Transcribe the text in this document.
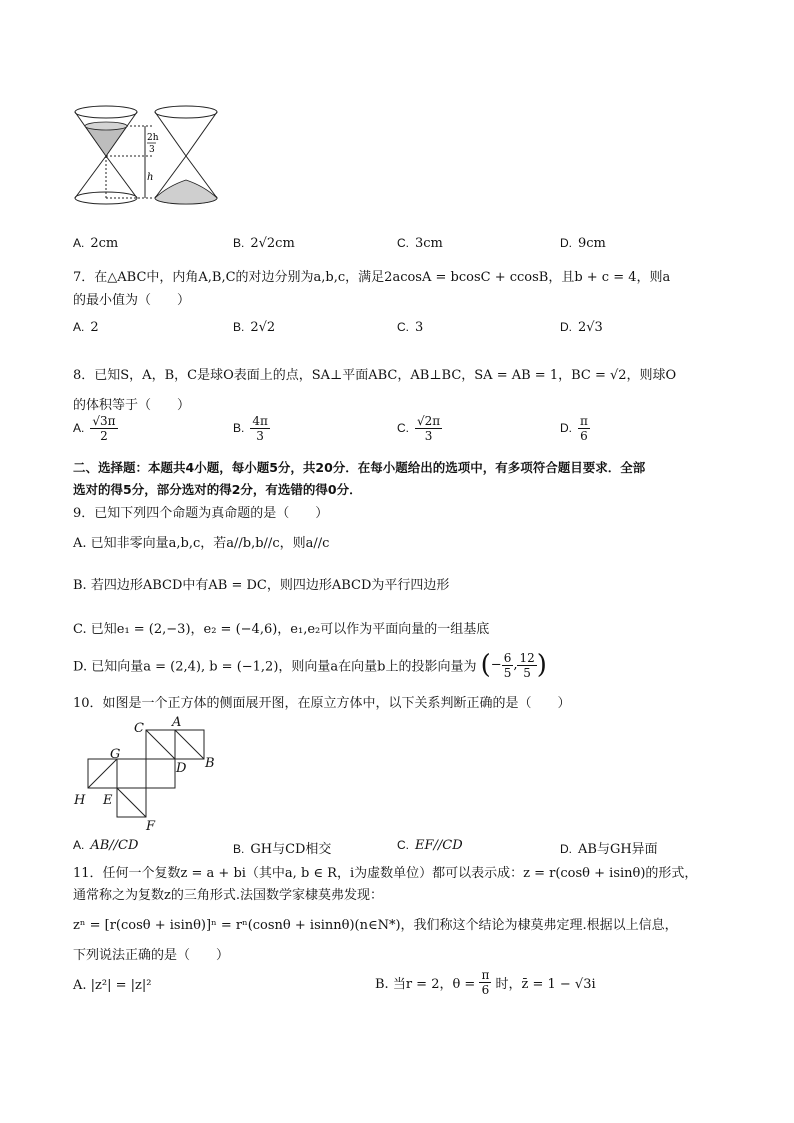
2h
3
h
A. 2cm	B. 2√2cm	C. 3cm	D. 9cm
7．在△ABC中，内角A,B,C的对边分别为a,b,c，满足2acosA = bcosC + ccosB，且b + c = 4，则a
的最小值为（　　）
A. 2	B. 2√2	C. 3	D. 2√3
8．已知S，A，B，C是球O表面上的点，SA⊥平面ABC，AB⊥BC，SA = AB = 1，BC = √2，则球O
的体积等于（　　）
A. $\frac{√3\pi}{2}$	B. $\frac{4\pi}{3}$	C. $\frac{√2\pi}{3}$	D. $\frac{\pi}{6}$
二、选择题：本题共4小题，每小题5分，共20分．在每小题给出的选项中，有多项符合题目要求．全部
选对的得5分，部分选对的得2分，有选错的得0分．
9．已知下列四个命题为真命题的是（　　）
A. 已知非零向量a,b,c，若a//b,b//c，则a//c
B. 若四边形ABCD中有AB = DC，则四边形ABCD为平行四边形
C. 已知e₁ = (2,−3)，e₂ = (−4,6)，e₁,e₂可以作为平面向量的一组基底
D. 已知向量a = (2,4), b = (−1,2)，则向量a在向量b上的投影向量为 (− $\frac{6}{5}$ , $\frac{12}{5}$ )
10．如图是一个正方体的侧面展开图，在原立方体中，以下关系判断正确的是（　　）
A
C
G
D B
H E
F
A. AB//CD	B. GH与CD相交	C. EF//CD	D. AB与GH异面
11．任何一个复数z = a + bi（其中a, b ∈ R，i为虚数单位）都可以表示成：z = r(cosθ + isinθ)的形式，
通常称之为复数z的三角形式.法国数学家棣莫弗发现：
zⁿ = [r(cosθ + isinθ)]ⁿ = rⁿ(cosnθ + isinnθ)(n∈N*)，我们称这个结论为棣莫弗定理.根据以上信息，
下列说法正确的是（　　）
A. |z²| = |z|²	B. 当r = 2，$\theta = \frac{\pi}{6}$ 时，z̄ = 1 − √3i
